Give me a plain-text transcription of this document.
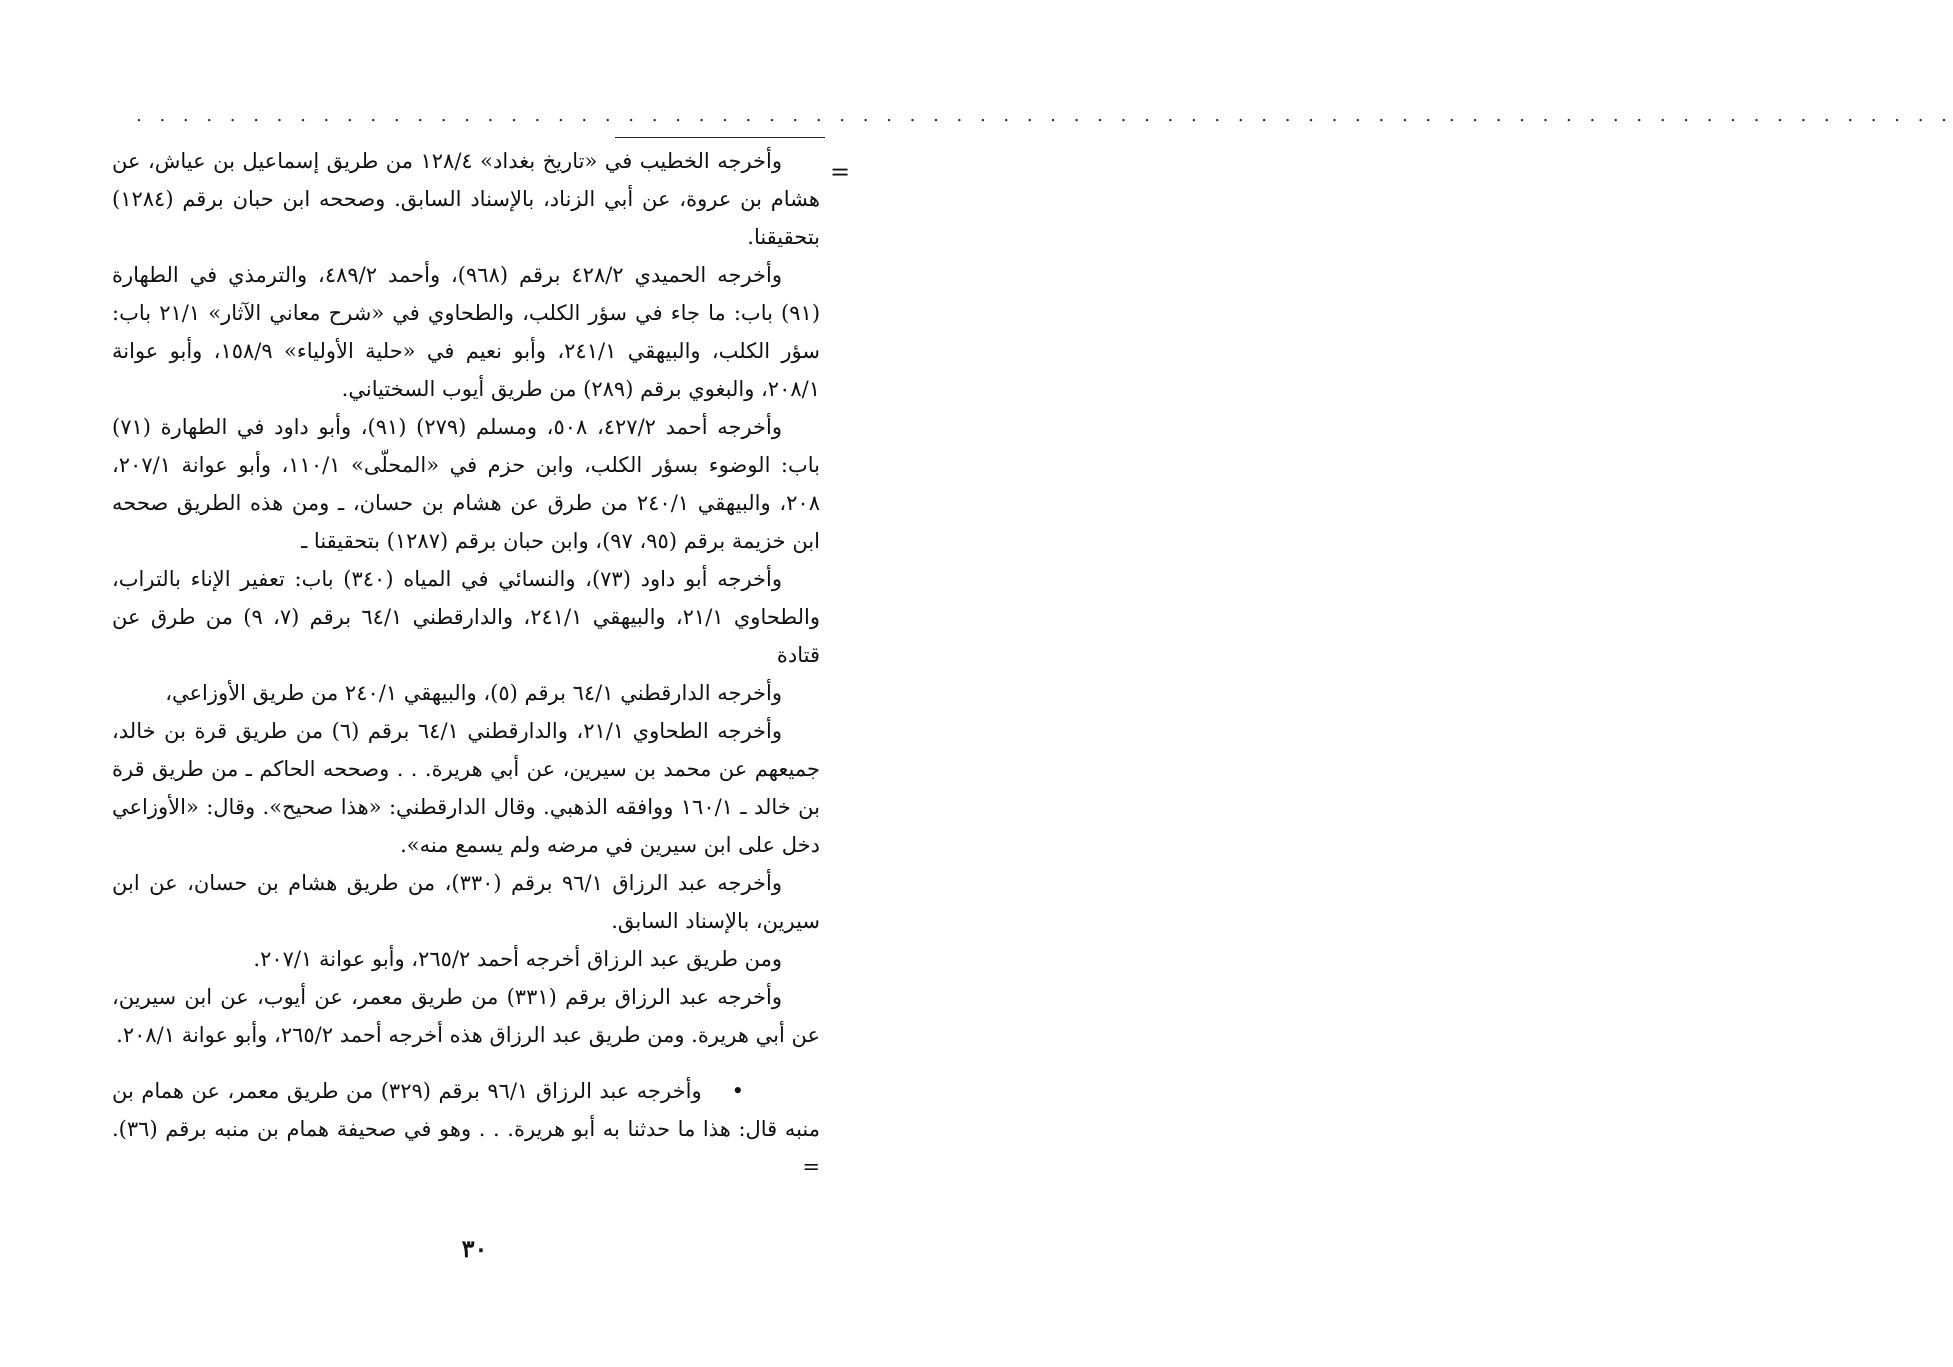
. . . . . . . . . . . . . . . . . . . . . . . . . . . . . . . . . . . . . . . . . . . . . . . . . . . . . . . . . . . . . . . . . . . . . . . . . . . . . .
=

وأخرجه الخطيب في «تاريخ بغداد» ١٢٨/٤ من طريق إسماعيل بن عياش، عن هشام بن عروة، عن أبي الزناد، بالإسناد السابق. وصححه ابن حبان برقم (١٢٨٤) بتحقيقنا.

وأخرجه الحميدي ٤٢٨/٢ برقم (٩٦٨)، وأحمد ٤٨٩/٢، والترمذي في الطهارة (٩١) باب: ما جاء في سؤر الكلب، والطحاوي في «شرح معاني الآثار» ٢١/١ باب: سؤر الكلب، والبيهقي ٢٤١/١، وأبو نعيم في «حلية الأولياء» ١٥٨/٩، وأبو عوانة ٢٠٨/١، والبغوي برقم (٢٨٩) من طريق أيوب السختياني.

وأخرجه أحمد ٤٢٧/٢، ٥٠٨، ومسلم (٢٧٩) (٩١)، وأبو داود في الطهارة (٧١) باب: الوضوء بسؤر الكلب، وابن حزم في «المحلّى» ١١٠/١، وأبو عوانة ٢٠٧/١، ٢٠٨، والبيهقي ٢٤٠/١ من طرق عن هشام بن حسان، ـ ومن هذه الطريق صححه ابن خزيمة برقم (٩٥، ٩٧)، وابن حبان برقم (١٢٨٧) بتحقيقنا ـ

وأخرجه أبو داود (٧٣)، والنسائي في المياه (٣٤٠) باب: تعفير الإناء بالتراب، والطحاوي ٢١/١، والبيهقي ٢٤١/١، والدارقطني ٦٤/١ برقم (٧، ٩) من طرق عن قتادة

وأخرجه الدارقطني ٦٤/١ برقم (٥)، والبيهقي ٢٤٠/١ من طريق الأوزاعي،

وأخرجه الطحاوي ٢١/١، والدارقطني ٦٤/١ برقم (٦) من طريق قرة بن خالد، جميعهم عن محمد بن سيرين، عن أبي هريرة. . . وصححه الحاكم ـ من طريق قرة بن خالد ـ ١٦٠/١ ووافقه الذهبي. وقال الدارقطني: «هذا صحيح». وقال: «الأوزاعي دخل على ابن سيرين في مرضه ولم يسمع منه».

وأخرجه عبد الرزاق ٩٦/١ برقم (٣٣٠)، من طريق هشام بن حسان، عن ابن سيرين، بالإسناد السابق.

ومن طريق عبد الرزاق أخرجه أحمد ٢٦٥/٢، وأبو عوانة ٢٠٧/١.

وأخرجه عبد الرزاق برقم (٣٣١) من طريق معمر، عن أيوب، عن ابن سيرين، عن أبي هريرة. ومن طريق عبد الرزاق هذه أخرجه أحمد ٢٦٥/٢، وأبو عوانة ٢٠٨/١.

•وأخرجه عبد الرزاق ٩٦/١ برقم (٣٢٩) من طريق معمر، عن همام بن منبه قال: هذا ما حدثنا به أبو هريرة. . . وهو في صحيفة همام بن منبه برقم (٣٦). =

٣٠
